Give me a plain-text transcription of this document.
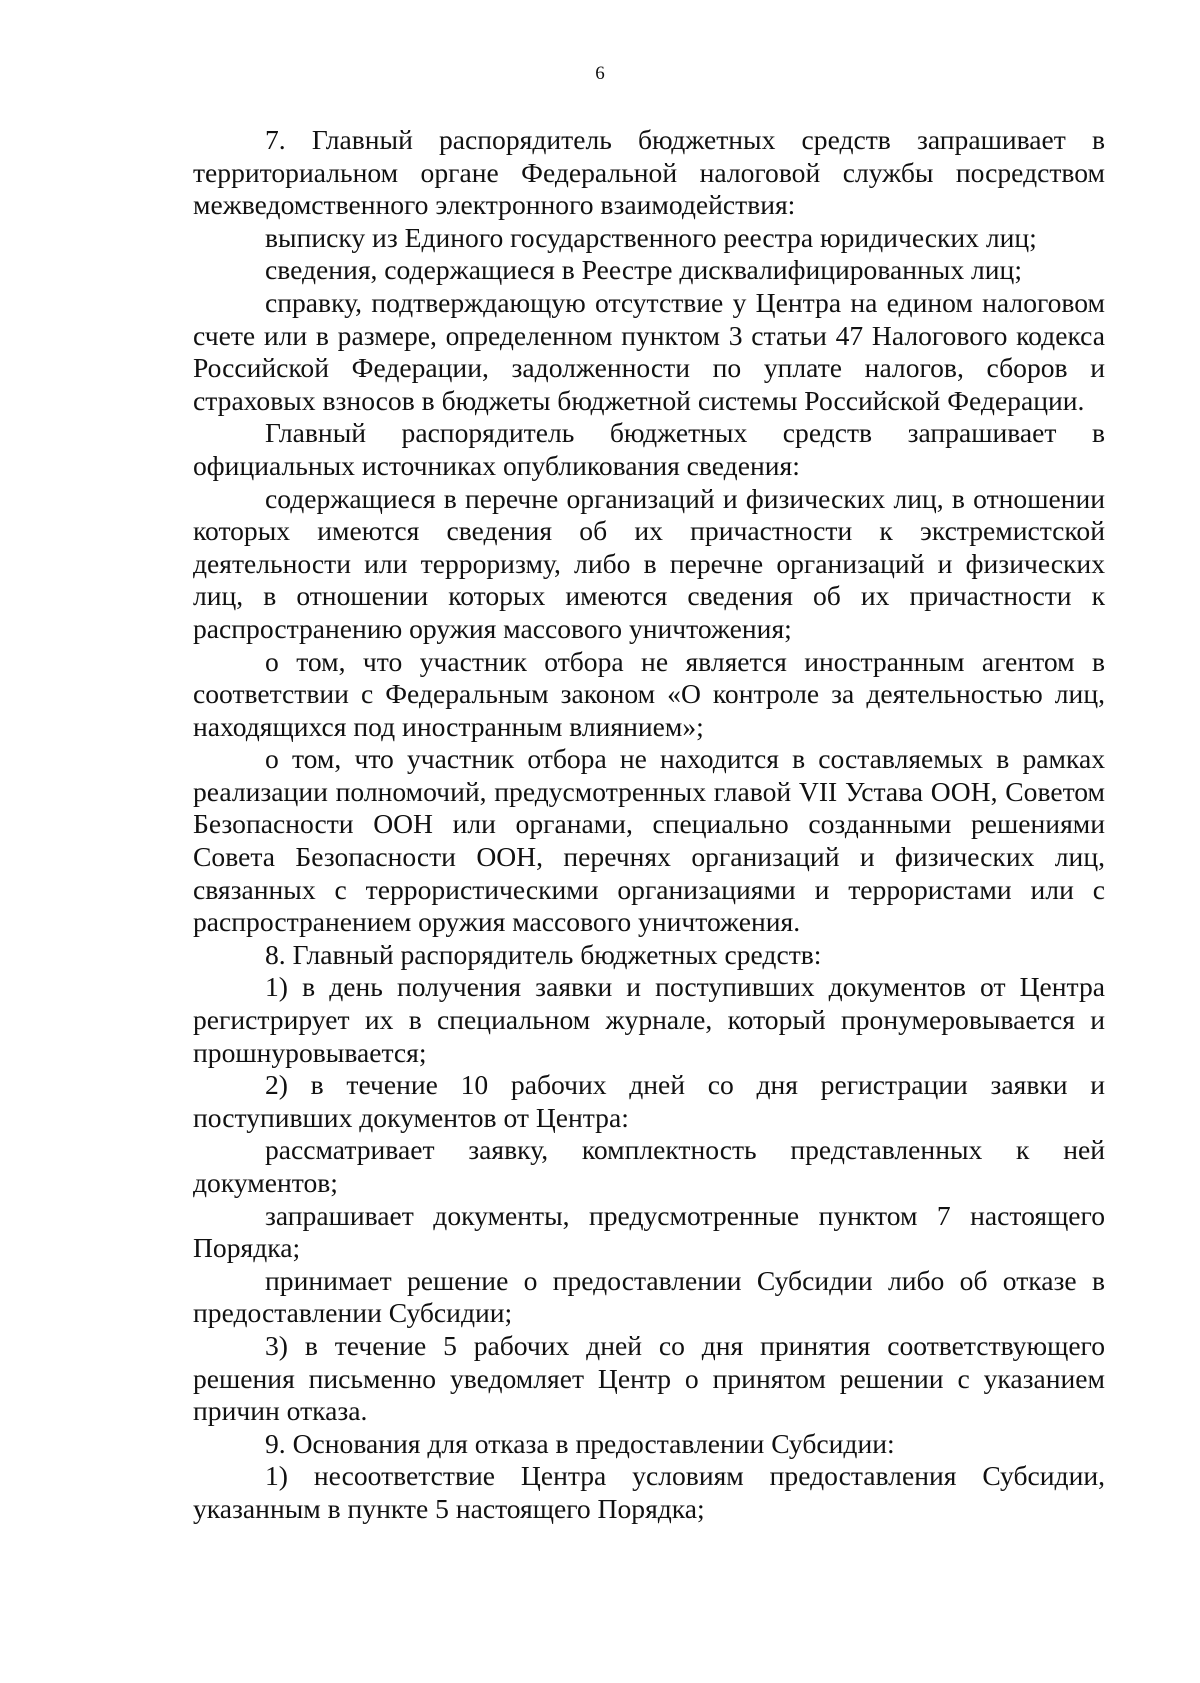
6

7. Главный распорядитель бюджетных средств запрашивает в территориальном органе Федеральной налоговой службы посредством межведомственного электронного взаимодействия:

выписку из Единого государственного реестра юридических лиц;

сведения, содержащиеся в Реестре дисквалифицированных лиц;

справку, подтверждающую отсутствие у Центра на едином налоговом счете или в размере, определенном пунктом 3 статьи 47 Налогового кодекса Российской Федерации, задолженности по уплате налогов, сборов и страховых взносов в бюджеты бюджетной системы Российской Федерации.

Главный распорядитель бюджетных средств запрашивает в официальных источниках опубликования сведения:

содержащиеся в перечне организаций и физических лиц, в отношении которых имеются сведения об их причастности к экстремистской деятельности или терроризму, либо в перечне организаций и физических лиц, в отношении которых имеются сведения об их причастности к распространению оружия массового уничтожения;

о том, что участник отбора не является иностранным агентом в соответствии с Федеральным законом «О контроле за деятельностью лиц, находящихся под иностранным влиянием»;

о том, что участник отбора не находится в составляемых в рамках реализации полномочий, предусмотренных главой VII Устава ООН, Советом Безопасности ООН или органами, специально созданными решениями Совета Безопасности ООН, перечнях организаций и физических лиц, связанных с террористическими организациями и террористами или с распространением оружия массового уничтожения.

8. Главный распорядитель бюджетных средств:

1) в день получения заявки и поступивших документов от Центра регистрирует их в специальном журнале, который пронумеровывается и прошнуровывается;

2) в течение 10 рабочих дней со дня регистрации заявки и поступивших документов от Центра:

рассматривает заявку, комплектность представленных к ней документов;

запрашивает документы, предусмотренные пунктом 7 настоящего Порядка;

принимает решение о предоставлении Субсидии либо об отказе в предоставлении Субсидии;

3) в течение 5 рабочих дней со дня принятия соответствующего решения письменно уведомляет Центр о принятом решении с указанием причин отказа.

9. Основания для отказа в предоставлении Субсидии:

1) несоответствие Центра условиям предоставления Субсидии, указанным в пункте 5 настоящего Порядка;
